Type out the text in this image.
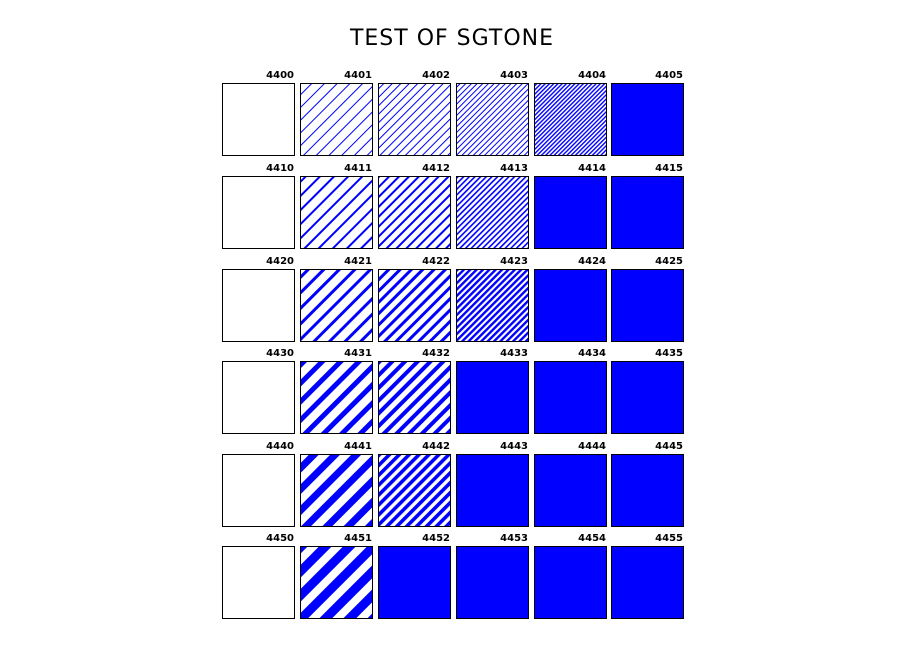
TEST OF SGTONE
4400	4401	4402	4403	4404	4405
4410	4411	4412	4413	4414	4415
4420	4421	4422	4423	4424	4425
4430	4431	4432	4433	4434	4435
4440	4441	4442	4443	4444	4445
4450	4451	4452	4453	4454	4455
